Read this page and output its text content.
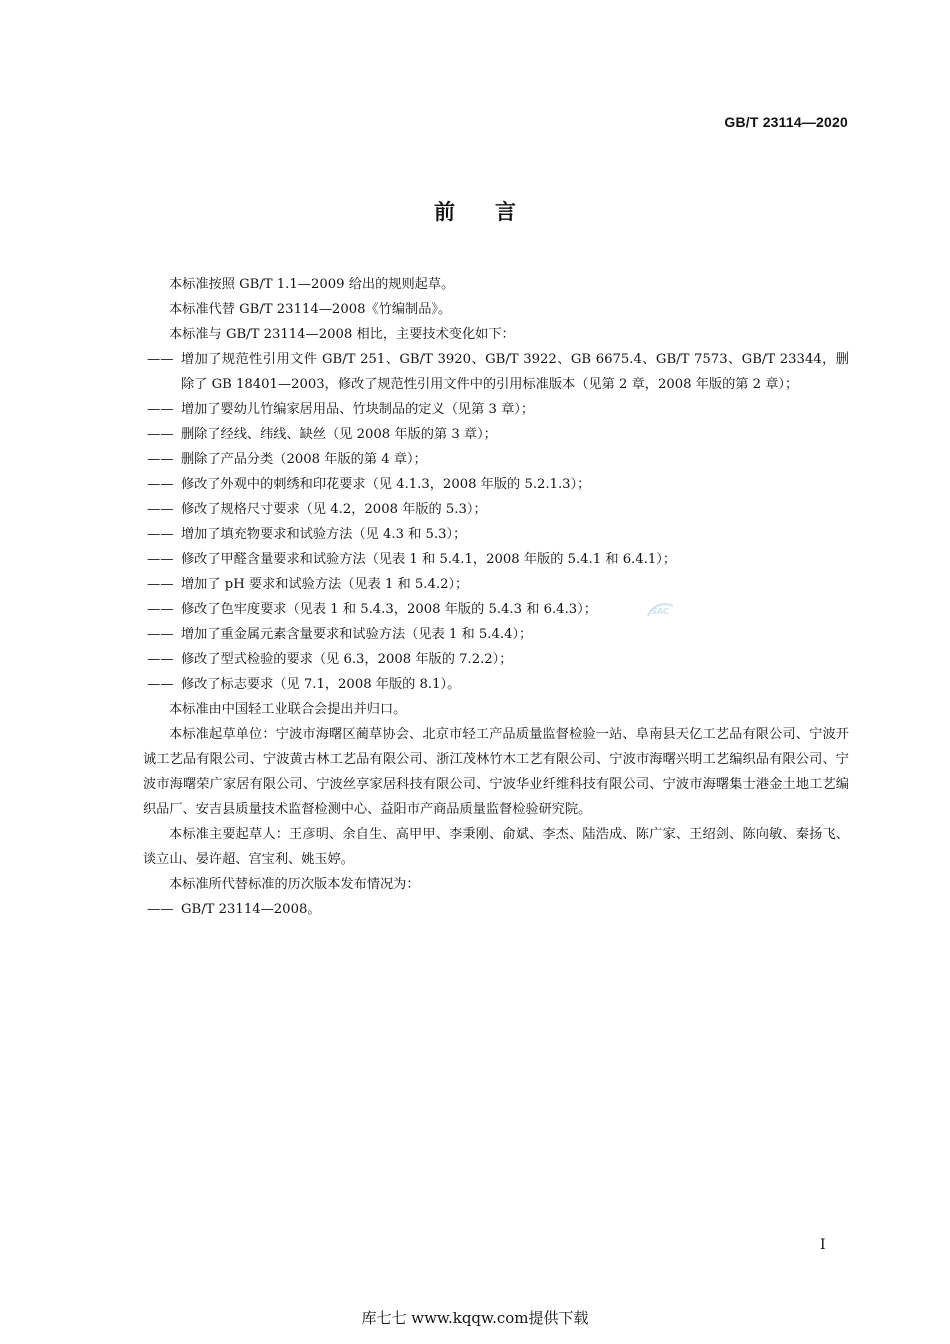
GB/T 23114—2020
前言
本标准按照 GB/T 1.1—2009 给出的规则起草。
本标准代替 GB/T 23114—2008《竹编制品》。
本标准与 GB/T 23114—2008 相比，主要技术变化如下：
—— 增加了规范性引用文件 GB/T 251、GB/T 3920、GB/T 3922、GB 6675.4、GB/T 7573、GB/T 23344，删除了 GB 18401—2003，修改了规范性引用文件中的引用标准版本（见第 2 章，2008 年版的第 2 章）；
—— 增加了婴幼儿竹编家居用品、竹块制品的定义（见第 3 章）；
—— 删除了经线、纬线、缺丝（见 2008 年版的第 3 章）；
—— 删除了产品分类（2008 年版的第 4 章）；
—— 修改了外观中的刺绣和印花要求（见 4.1.3，2008 年版的 5.2.1.3）；
—— 修改了规格尺寸要求（见 4.2，2008 年版的 5.3）；
—— 增加了填充物要求和试验方法（见 4.3 和 5.3）；
—— 修改了甲醛含量要求和试验方法（见表 1 和 5.4.1，2008 年版的 5.4.1 和 6.4.1）；
—— 增加了 pH 要求和试验方法（见表 1 和 5.4.2）；
—— 修改了色牢度要求（见表 1 和 5.4.3，2008 年版的 5.4.3 和 6.4.3）；
—— 增加了重金属元素含量要求和试验方法（见表 1 和 5.4.4）；
—— 修改了型式检验的要求（见 6.3，2008 年版的 7.2.2）；
—— 修改了标志要求（见 7.1，2008 年版的 8.1）。
本标准由中国轻工业联合会提出并归口。
本标准起草单位：宁波市海曙区蔺草协会、北京市轻工产品质量监督检验一站、阜南县天亿工艺品有限公司、宁波开诚工艺品有限公司、宁波黄古林工艺品有限公司、浙江茂林竹木工艺有限公司、宁波市海曙兴明工艺编织品有限公司、宁波市海曙荣广家居有限公司、宁波丝享家居科技有限公司、宁波华业纤维科技有限公司、宁波市海曙集士港金土地工艺编织品厂、安吉县质量技术监督检测中心、益阳市产商品质量监督检验研究院。
本标准主要起草人：王彦明、余自生、高甲甲、李秉刚、俞斌、李杰、陆浩成、陈广家、王绍剑、陈向敏、秦扬飞、谈立山、晏许超、宫宝利、姚玉婷。
本标准所代替标准的历次版本发布情况为：
—— GB/T 23114—2008。
SAC
I
库七七 www.kqqw.com提供下载
